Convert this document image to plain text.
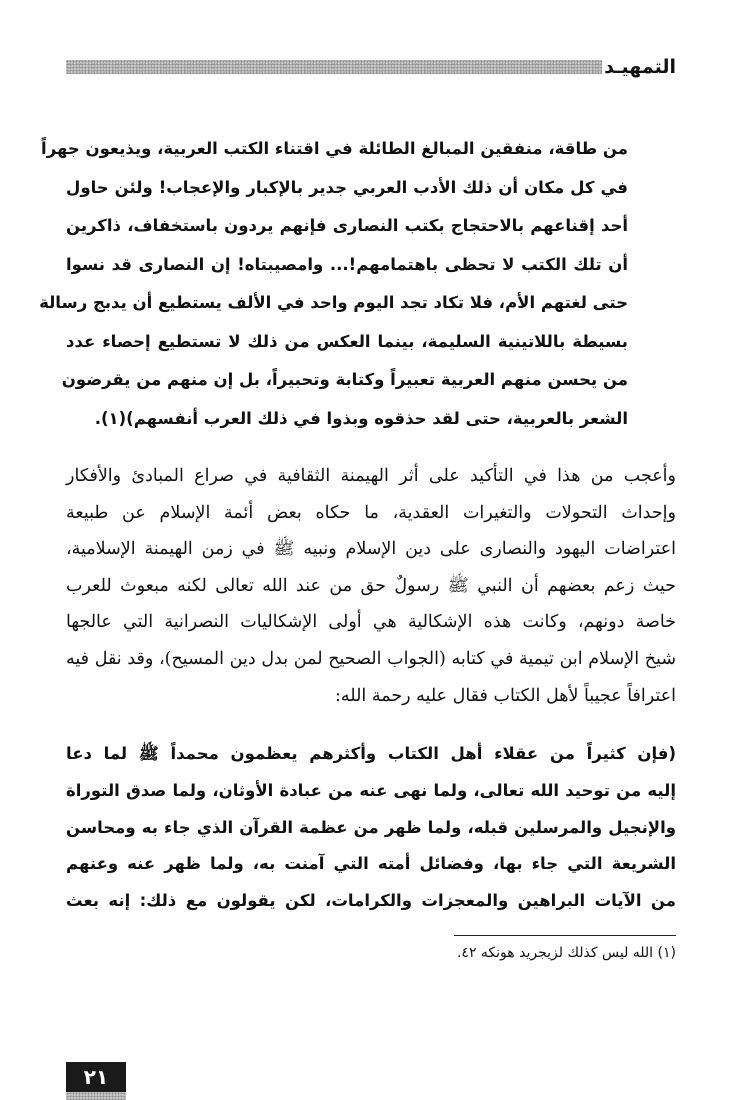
التمهيـد
من طاقة، منفقين المبالغ الطائلة في اقتناء الكتب العربية، ويذيعون جهراً
في كل مكان أن ذلك الأدب العربي جدير بالإكبار والإعجاب! ولئن حاول
أحد إقناعهم بالاحتجاج بكتب النصارى فإنهم يردون باستخفاف، ذاكرين
أن تلك الكتب لا تحظى باهتمامهم!... وامصيبتاه! إن النصارى قد نسوا
حتى لغتهم الأم، فلا تكاد تجد اليوم واحد في الألف يستطيع أن يدبج رسالة
بسيطة باللاتينية السليمة، بينما العكس من ذلك لا تستطيع إحصاء عدد
من يحسن منهم العربية تعبيراً وكتابة وتحبيراً، بل إن منهم من يقرضون
الشعر بالعربية، حتى لقد حذقوه وبذوا في ذلك العرب أنفسهم)(١).
وأعجب من هذا في التأكيد على أثر الهيمنة الثقافية في صراع المبادئ والأفكار
وإحداث التحولات والتغيرات العقدية، ما حكاه بعض أئمة الإسلام عن طبيعة
اعتراضات اليهود والنصارى على دين الإسلام ونبيه ﷺ في زمن الهيمنة الإسلامية،
حيث زعم بعضهم أن النبي ﷺ رسولٌ حق من عند الله تعالى لكنه مبعوث للعرب
خاصة دونهم، وكانت هذه الإشكالية هي أولى الإشكاليات النصرانية التي عالجها
شيخ الإسلام ابن تيمية في كتابه (الجواب الصحيح لمن بدل دين المسيح)، وقد نقل فيه
اعترافاً عجيباً لأهل الكتاب فقال عليه رحمة الله:
(فإن كثيراً من عقلاء أهل الكتاب وأكثرهم يعظمون محمداً ﷺ لما دعا
إليه من توحيد الله تعالى، ولما نهى عنه من عبادة الأوثان، ولما صدق التوراة
والإنجيل والمرسلين قبله، ولما ظهر من عظمة القرآن الذي جاء به ومحاسن
الشريعة التي جاء بها، وفضائل أمته التي آمنت به، ولما ظهر عنه وعنهم
من الآيات البراهين والمعجزات والكرامات، لكن يقولون مع ذلك: إنه بعث
(١) الله ليس كذلك لزيجريد هونكه ٤٢.
٢١
